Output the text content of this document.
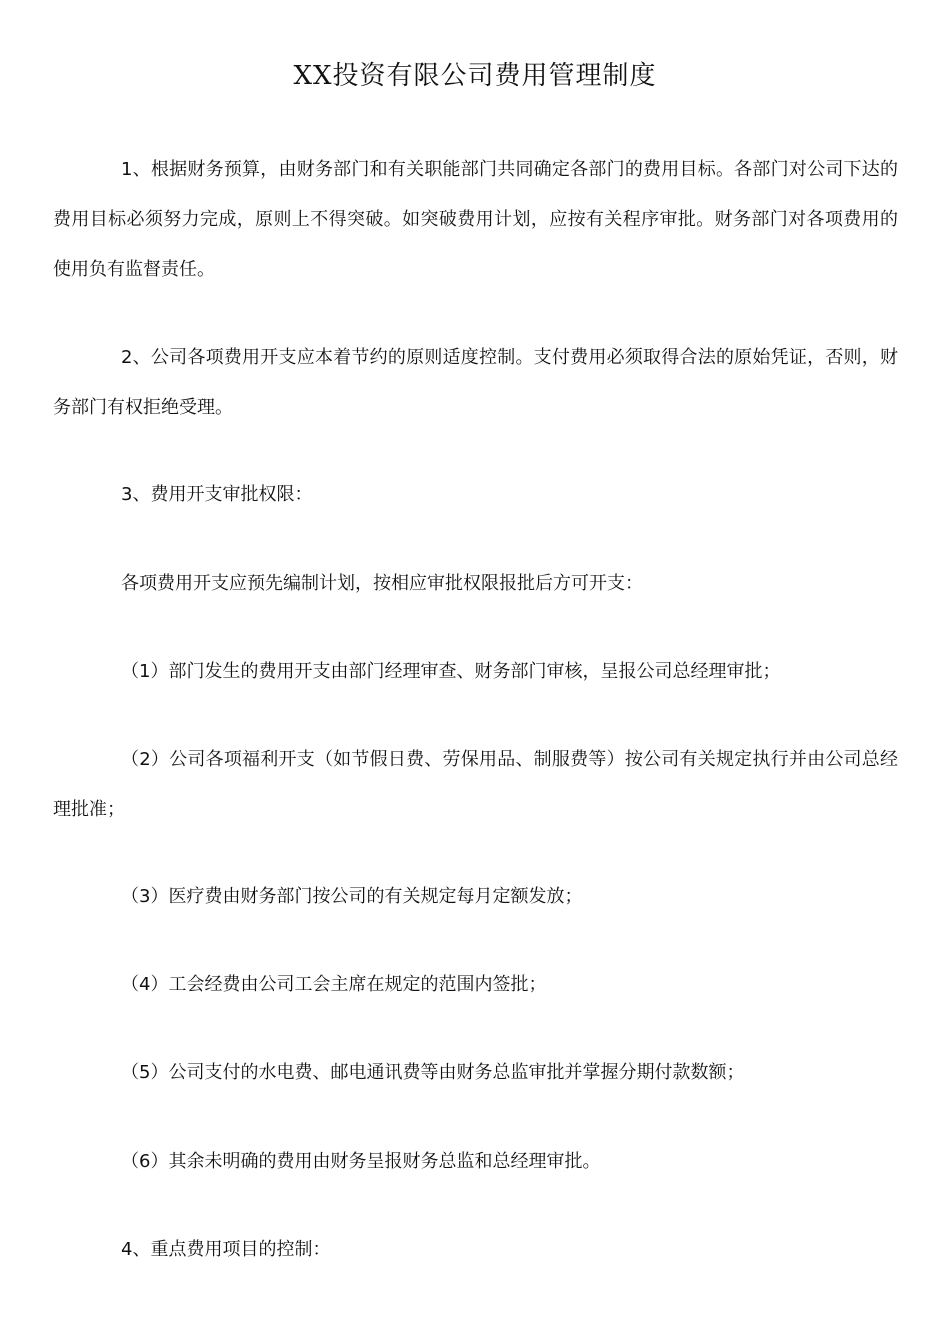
XX投资有限公司费用管理制度

1、根据财务预算，由财务部门和有关职能部门共同确定各部门的费用目标。各部门对公司下达的费用目标必须努力完成，原则上不得突破。如突破费用计划，应按有关程序审批。财务部门对各项费用的使用负有监督责任。

2、公司各项费用开支应本着节约的原则适度控制。支付费用必须取得合法的原始凭证，否则，财务部门有权拒绝受理。

3、费用开支审批权限：

各项费用开支应预先编制计划，按相应审批权限报批后方可开支：

（1）部门发生的费用开支由部门经理审查、财务部门审核，呈报公司总经理审批；

（2）公司各项福利开支（如节假日费、劳保用品、制服费等）按公司有关规定执行并由公司总经理批准；

（3）医疗费由财务部门按公司的有关规定每月定额发放；

（4）工会经费由公司工会主席在规定的范围内签批；

（5）公司支付的水电费、邮电通讯费等由财务总监审批并掌握分期付款数额；

（6）其余未明确的费用由财务呈报财务总监和总经理审批。

4、重点费用项目的控制：
